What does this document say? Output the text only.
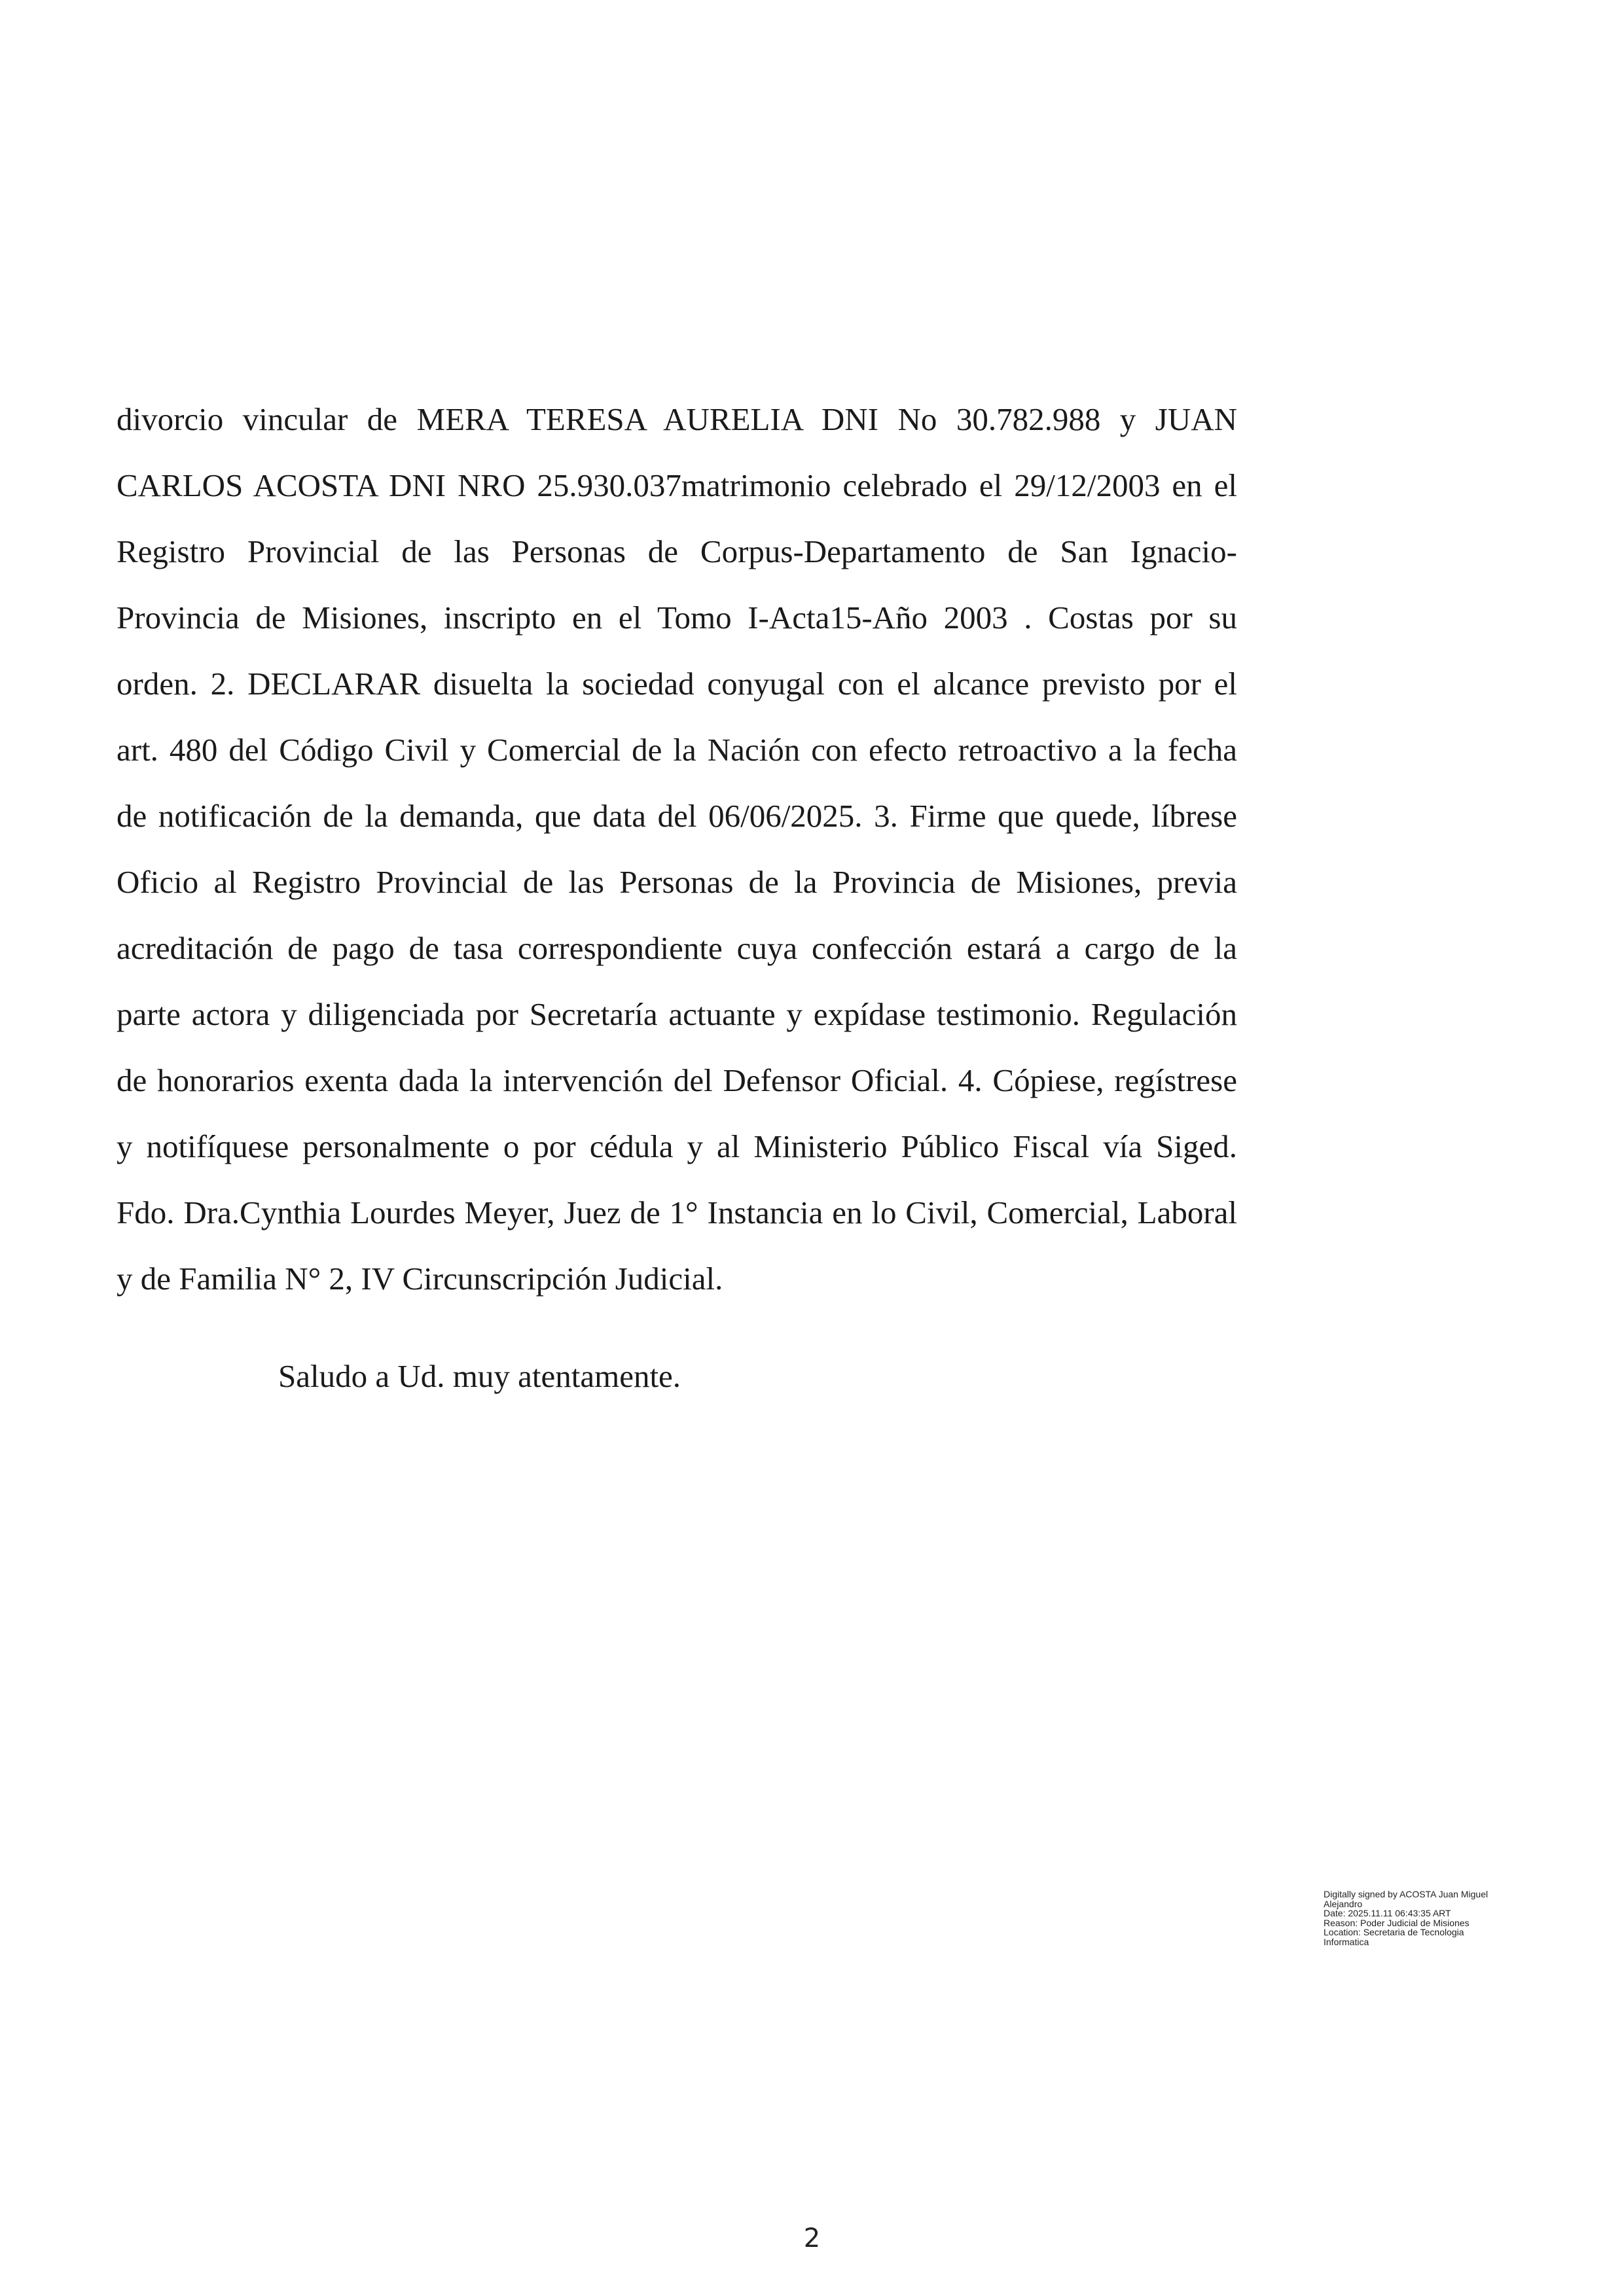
divorcio vincular de MERA TERESA AURELIA DNI No 30.782.988 y JUAN
CARLOS ACOSTA DNI NRO 25.930.037matrimonio celebrado el 29/12/2003 en el
Registro Provincial de las Personas de Corpus-Departamento de San Ignacio-
Provincia de Misiones, inscripto en el Tomo I-Acta15-Año 2003 . Costas por su
orden. 2. DECLARAR disuelta la sociedad conyugal con el alcance previsto por el
art. 480 del Código Civil y Comercial de la Nación con efecto retroactivo a la fecha
de notificación de la demanda, que data del 06/06/2025. 3. Firme que quede, líbrese
Oficio al Registro Provincial de las Personas de la Provincia de Misiones, previa
acreditación de pago de tasa correspondiente cuya confección estará a cargo de la
parte actora y diligenciada por Secretaría actuante y expídase testimonio. Regulación
de honorarios exenta dada la intervención del Defensor Oficial. 4. Cópiese, regístrese
y notifíquese personalmente o por cédula y al Ministerio Público Fiscal vía Siged.
Fdo. Dra.Cynthia Lourdes Meyer, Juez de 1° Instancia en lo Civil, Comercial, Laboral
y de Familia N° 2, IV Circunscripción Judicial.
Saludo a Ud. muy atentamente.
Digitally signed by ACOSTA Juan Miguel
Alejandro
Date: 2025.11.11 06:43:35 ART
Reason: Poder Judicial de Misiones
Location: Secretaria de Tecnologia
Informatica
2
